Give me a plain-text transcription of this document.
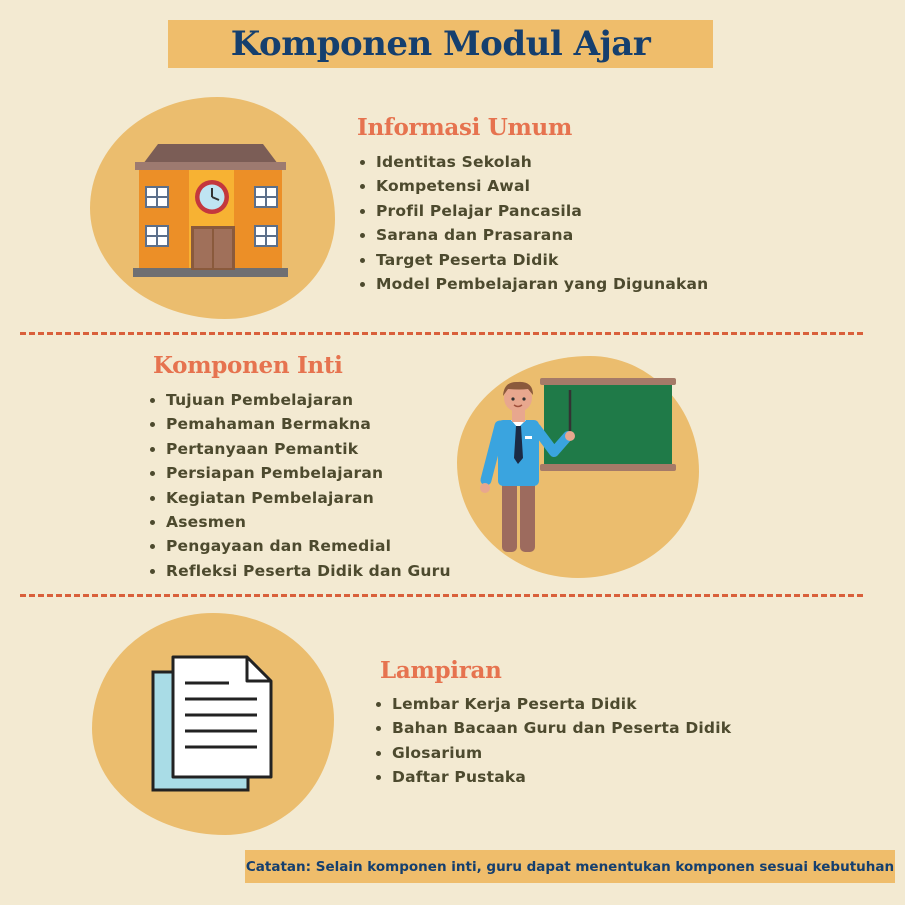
Komponen Modul Ajar
Informasi Umum
Identitas Sekolah
Kompetensi Awal
Profil Pelajar Pancasila
Sarana dan Prasarana
Target Peserta Didik
Model Pembelajaran yang Digunakan
Komponen Inti
Tujuan Pembelajaran
Pemahaman Bermakna
Pertanyaan Pemantik
Persiapan Pembelajaran
Kegiatan Pembelajaran
Asesmen
Pengayaan dan Remedial
Refleksi Peserta Didik dan Guru
Lampiran
Lembar Kerja Peserta Didik
Bahan Bacaan Guru dan Peserta Didik
Glosarium
Daftar Pustaka
Catatan: Selain komponen inti, guru dapat menentukan komponen sesuai kebutuhan
